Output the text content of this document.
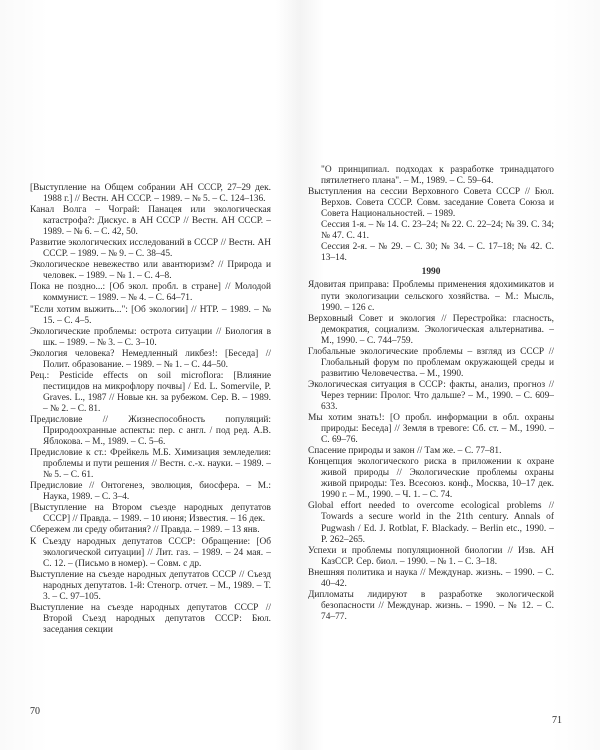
[Выступление на Общем собрании АН СССР, 27–29 дек. 1988 г.] // Вестн. АН СССР. – 1989. – № 5. – С. 124–136.

Канал Волга – Чограй: Панацея или экологическая катастрофа?: Дискус. в АН СССР // Вестн. АН СССР. – 1989. – № 6. – С. 42, 50.

Развитие экологических исследований в СССР // Вестн. АН СССР. – 1989. – № 9. – С. 38–45.

Экологическое невежество или авантюризм? // Природа и человек. – 1989. – № 1. – С. 4–8.

Пока не поздно...: [Об экол. пробл. в стране] // Молодой коммунист. – 1989. – № 4. – С. 64–71.

"Если хотим выжить...": [Об экологии] // НТР. – 1989. – № 15. – С. 4–5.

Экологические проблемы: острота ситуации // Биология в шк. – 1989. – № 3. – С. 3–10.

Экология человека? Немедленный ликбез!: [Беседа] // Полит. образование. – 1989. – № 1. – С. 44–50.

Рец.: Pesticide effects on soil microflora: [Влияние пестицидов на микрофлору почвы] / Ed. L. Somervile, P. Graves. L., 1987 // Новые кн. за рубежом. Сер. В. – 1989. – № 2. – С. 81.

Предисловие // Жизнеспособность популяций: Природоохранные аспекты: пер. с англ. / под ред. А.В. Яблокова. – М., 1989. – С. 5–6.

Предисловие к ст.: Фрейкель М.Б. Химизация земледелия: проблемы и пути решения // Вестн. с.-х. науки. – 1989. – № 5. – С. 61.

Предисловие // Онтогенез, эволюция, биосфера. – М.: Наука, 1989. – С. 3–4.

[Выступление на Втором съезде народных депутатов СССР] // Правда. – 1989. – 10 июня; Известия. – 16 дек.

Сбережем ли среду обитания? // Правда. – 1989. – 13 янв.

К Съезду народных депутатов СССР: Обращение: [Об экологической ситуации] // Лит. газ. – 1989. – 24 мая. – С. 12. – (Письмо в номер). – Совм. с др.

Выступление на съезде народных депутатов СССР // Съезд народных депутатов. 1-й: Стеногр. отчет. – М., 1989. – Т. 3. – С. 97–105.

Выступление на съезде народных депутатов СССР // Второй Съезд народных депутатов СССР: Бюл. заседания секции

70

"О принципиал. подходах к разработке тринадцатого пятилетнего плана". – М., 1989. – С. 59–64.

Выступления на сессии Верховного Совета СССР // Бюл. Верхов. Совета СССР. Совм. заседание Совета Союза и Совета Национальностей. – 1989.

Сессия 1-я. – № 14. С. 23–24; № 22. С. 22–24; № 39. С. 34; № 47. С. 41.

Сессия 2-я. – № 29. – С. 30; № 34. – С. 17–18; № 42. С. 13–14.

1990

Ядовитая приправа: Проблемы применения ядохимикатов и пути экологизации сельского хозяйства. – М.: Мысль, 1990. – 126 с.

Верховный Совет и экология // Перестройка: гласность, демократия, социализм. Экологическая альтернатива. – М., 1990. – С. 744–759.

Глобальные экологические проблемы – взгляд из СССР // Глобальный форум по проблемам окружающей среды и развитию Человечества. – М., 1990.

Экологическая ситуация в СССР: факты, анализ, прогноз // Через тернии: Пролог. Что дальше? – М., 1990. – С. 609–633.

Мы хотим знать!: [О пробл. информации в обл. охраны природы: Беседа] // Земля в тревоге: Сб. ст. – М., 1990. – С. 69–76.

Спасение природы и закон // Там же. – С. 77–81.

Концепция экологического риска в приложении к охране живой природы // Экологические проблемы охраны живой природы: Тез. Всесоюз. конф., Москва, 10–17 дек. 1990 г. – М., 1990. – Ч. 1. – С. 74.

Global effort needed to overcome ecological problems // Towards a secure world in the 21th century. Annals of Pugwash / Ed. J. Rotblat, F. Blackady. – Berlin etc., 1990. – P. 262–265.

Успехи и проблемы популяционной биологии // Изв. АН КазССР. Сер. биол. – 1990. – № 1. – С. 3–18.

Внешняя политика и наука // Междунар. жизнь. – 1990. – С. 40–42.

Дипломаты лидируют в разработке экологической безопасности // Междунар. жизнь. – 1990. – № 12. – С. 74–77.

71
